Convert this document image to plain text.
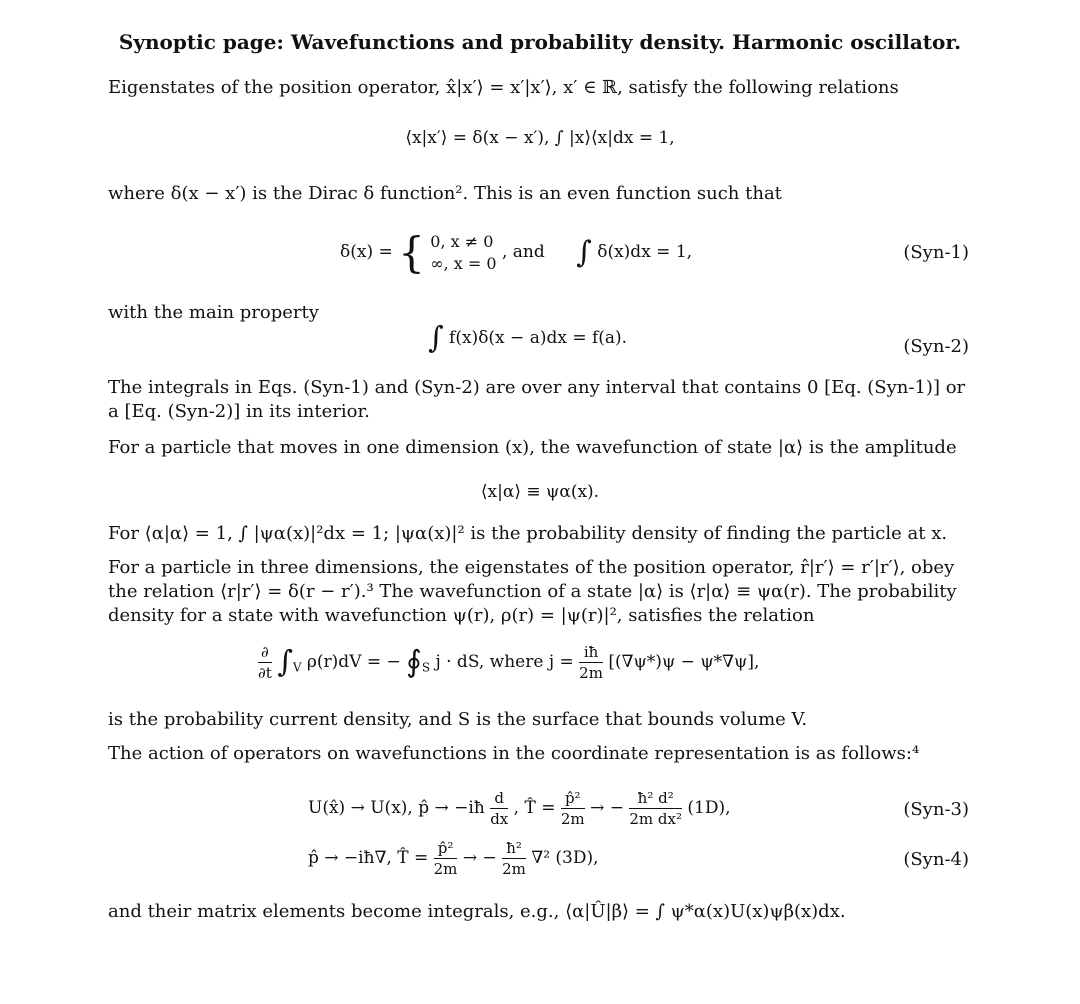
Synoptic page: Wavefunctions and probability density. Harmonic oscillator.
Eigenstates of the position operator, x̂|x′⟩ = x′|x′⟩, x′ ∈ ℝ, satisfy the following relations
⟨x|x′⟩ = δ(x − x′), ∫ |x⟩⟨x|dx = 1,
where δ(x − x′) is the Dirac δ function². This is an even function such that
δ(x) = { 0, x ≠ 0
∞, x = 0
, and ∫ δ(x)dx = 1,	(Syn-1)
with the main property
∫ f(x)δ(x − a)dx = f(a).	(Syn-2)
The integrals in Eqs. (Syn-1) and (Syn-2) are over any interval that contains 0 [Eq. (Syn-1)] or a [Eq. (Syn-2)] in its interior.
For a particle that moves in one dimension (x), the wavefunction of state |α⟩ is the amplitude
⟨x|α⟩ ≡ ψα(x).
For ⟨α|α⟩ = 1, ∫ |ψα(x)|²dx = 1; |ψα(x)|² is the probability density of finding the particle at x.
For a particle in three dimensions, the eigenstates of the position operator, r̂|r′⟩ = r′|r′⟩, obey the relation ⟨r|r′⟩ = δ(r − r′).³ The wavefunction of a state |α⟩ is ⟨r|α⟩ ≡ ψα(r). The probability density for a state with wavefunction ψ(r), ρ(r) = |ψ(r)|², satisfies the relation
$\frac{\partial}{\partial t} \int_V$ ρ(r)dV = − $∮_S$ j · dS, where $j = \frac{iħ}{2m} [(\nabla\psi*)\psi - \psi*\nabla\psi]$,
is the probability current density, and S is the surface that bounds volume V.
The action of operators on wavefunctions in the coordinate representation is as follows:⁴
U(x̂) → U(x), p̂ → −iħ $\frac{d}{dx}$ , T̂ = $\frac{\text{p̂²}}{2m}$ → − $\frac{\text{ħ² d²}}{\text{2m dx²}} (1D)$,	(Syn-3)
p̂ → −iħ∇, T̂ = $\frac{\text{p̂²}}{2m}$ → − $\frac{\text{ħ²}}{2m} \nabla^2$ (3D),	(Syn-4)
and their matrix elements become integrals, e.g., ⟨α|Û|β⟩ = ∫ ψ*α(x)U(x)ψβ(x)dx.
